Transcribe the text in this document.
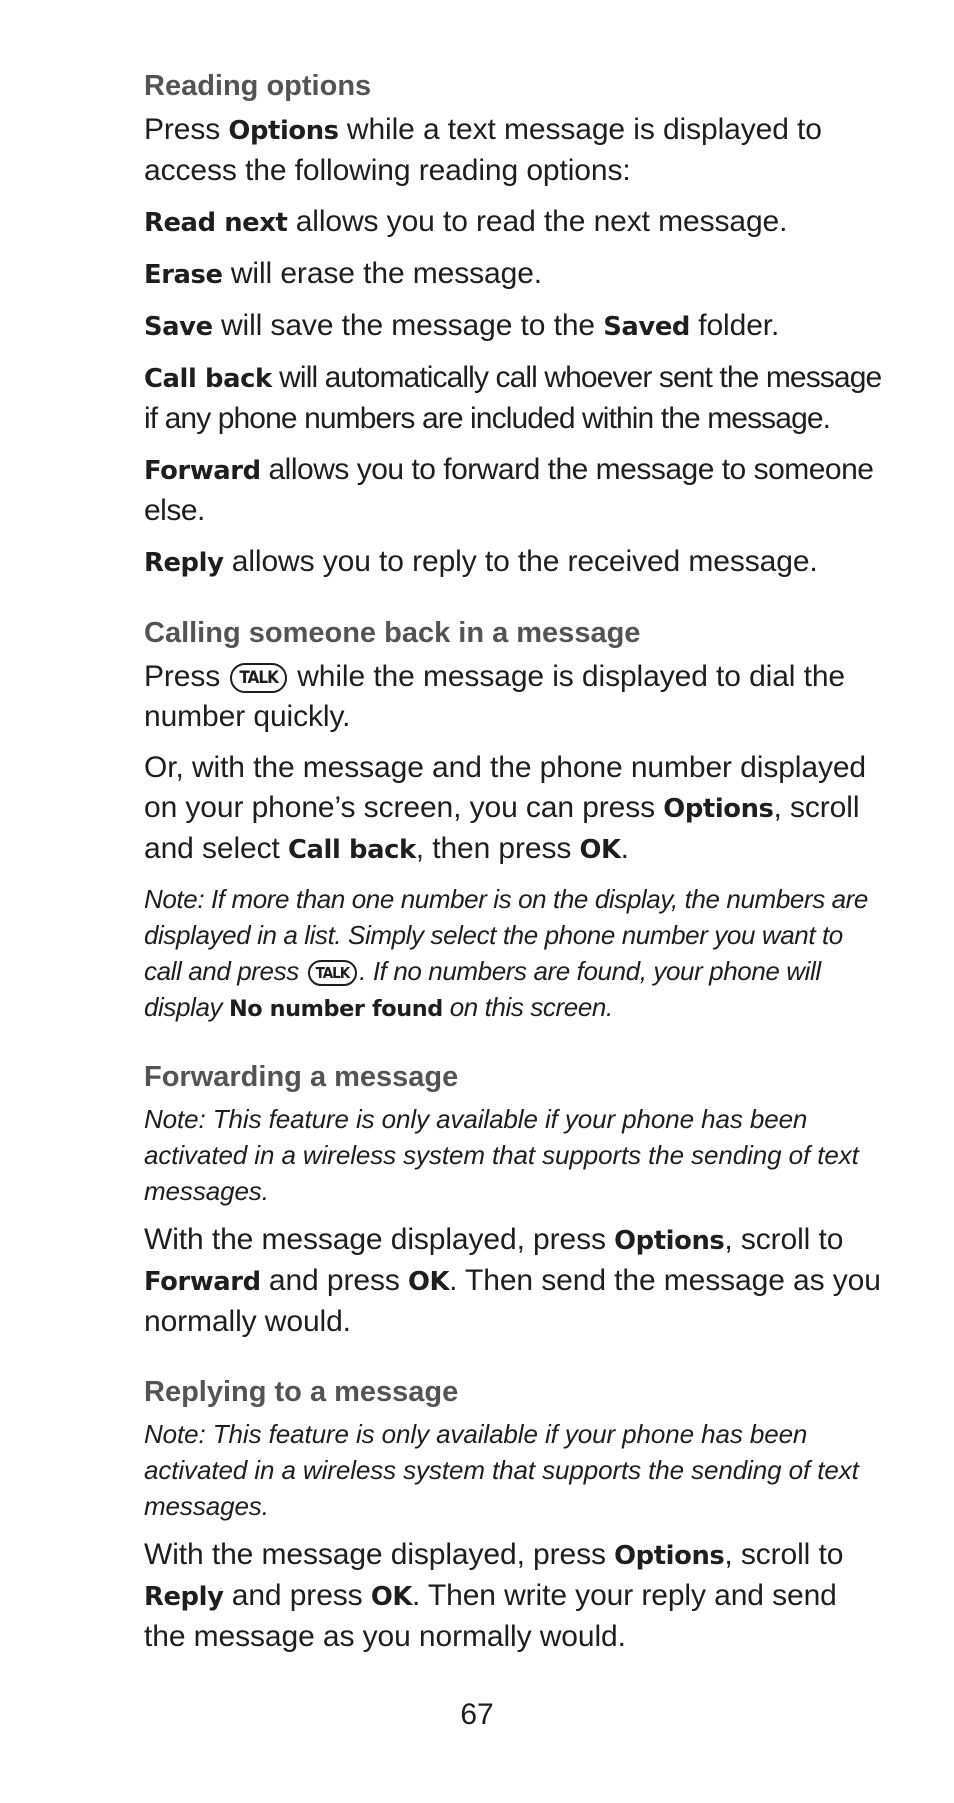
Reading options

Press Options while a text message is displayed to access the following reading options:

Read next allows you to read the next message.

Erase will erase the message.

Save will save the message to the Saved folder.

Call back will automatically call whoever sent the message if any phone numbers are included within the message.

Forward allows you to forward the message to someone else.

Reply allows you to reply to the received message.

Calling someone back in a message

Press TALK while the message is displayed to dial the number quickly.

Or, with the message and the phone number displayed on your phone’s screen, you can press Options, scroll and select Call back, then press OK.

Note: If more than one number is on the display, the numbers are displayed in a list. Simply select the phone number you want to call and press TALK . If no numbers are found, your phone will display No number found on this screen.

Forwarding a message

Note: This feature is only available if your phone has been activated in a wireless system that supports the sending of text messages.

With the message displayed, press Options, scroll to Forward and press OK. Then send the message as you normally would.

Replying to a message

Note: This feature is only available if your phone has been activated in a wireless system that supports the sending of text messages.

With the message displayed, press Options, scroll to Reply and press OK. Then write your reply and send the message as you normally would.

67
